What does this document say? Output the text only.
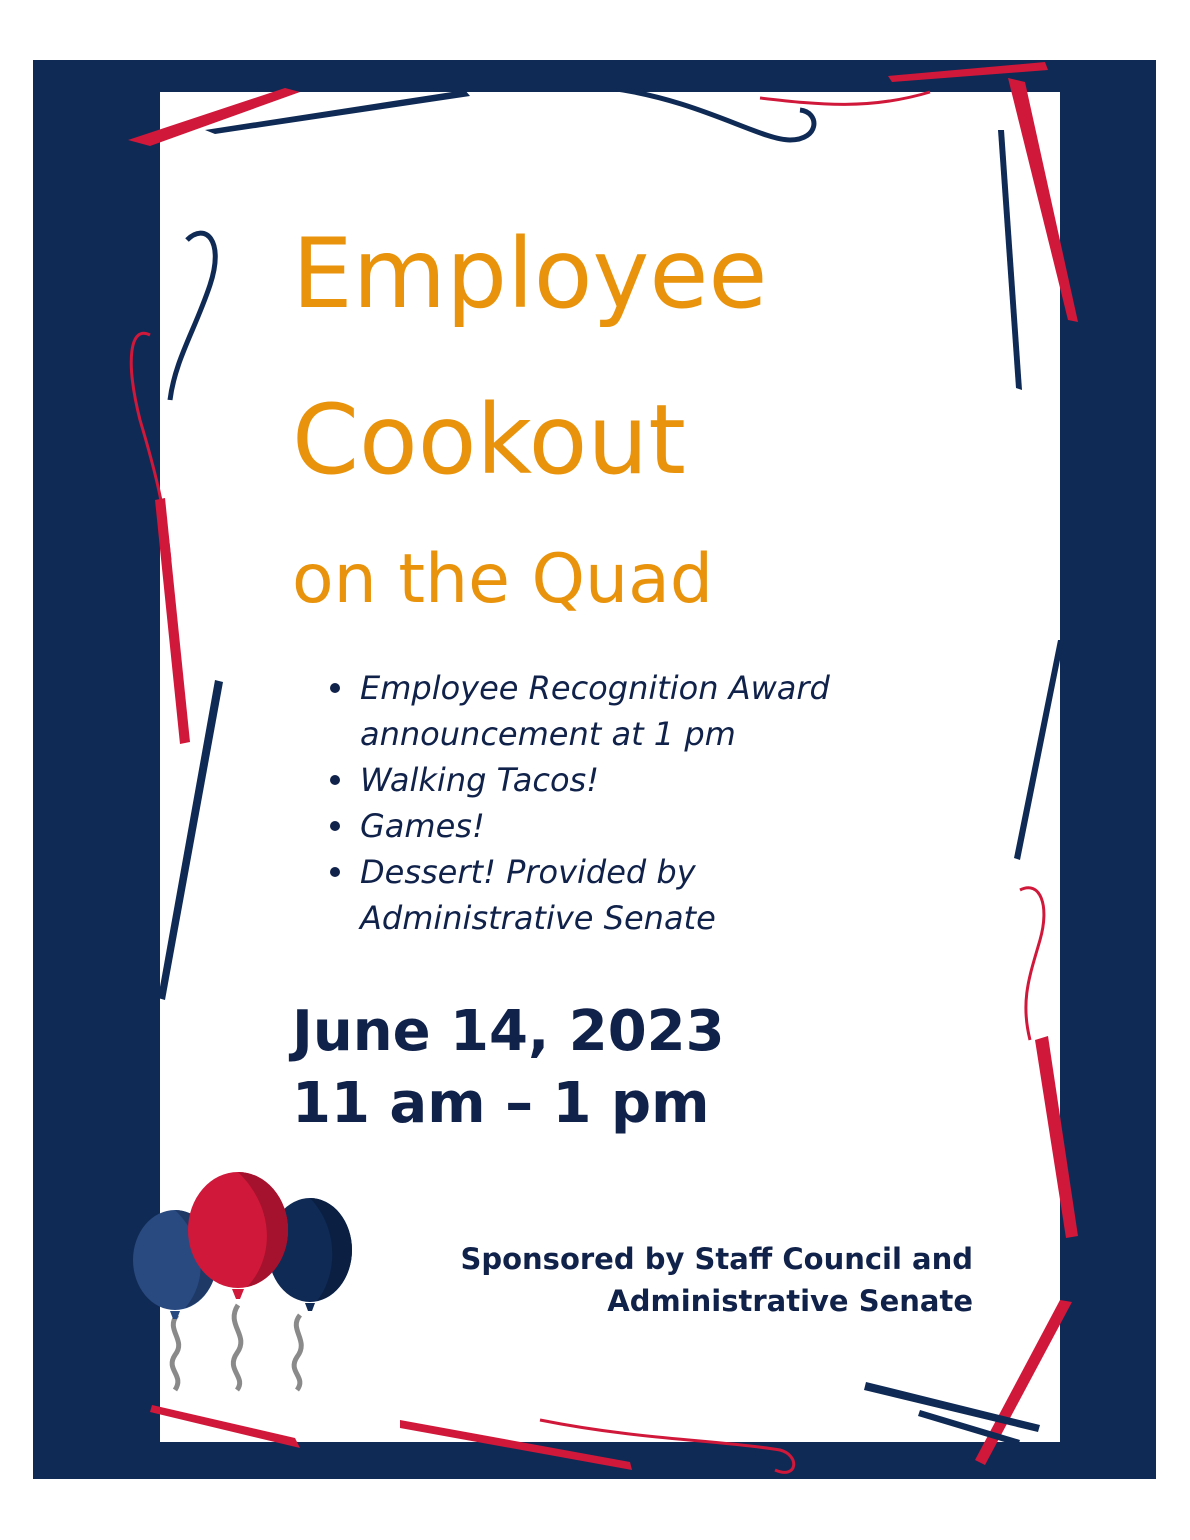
Employee
Cookout
on the Quad
Employee Recognition Award
announcement at 1 pm
Walking Tacos!
Games!
Dessert! Provided by
Administrative Senate
June 14, 2023
11 am – 1 pm
Sponsored by Staff Council and
Administrative Senate
